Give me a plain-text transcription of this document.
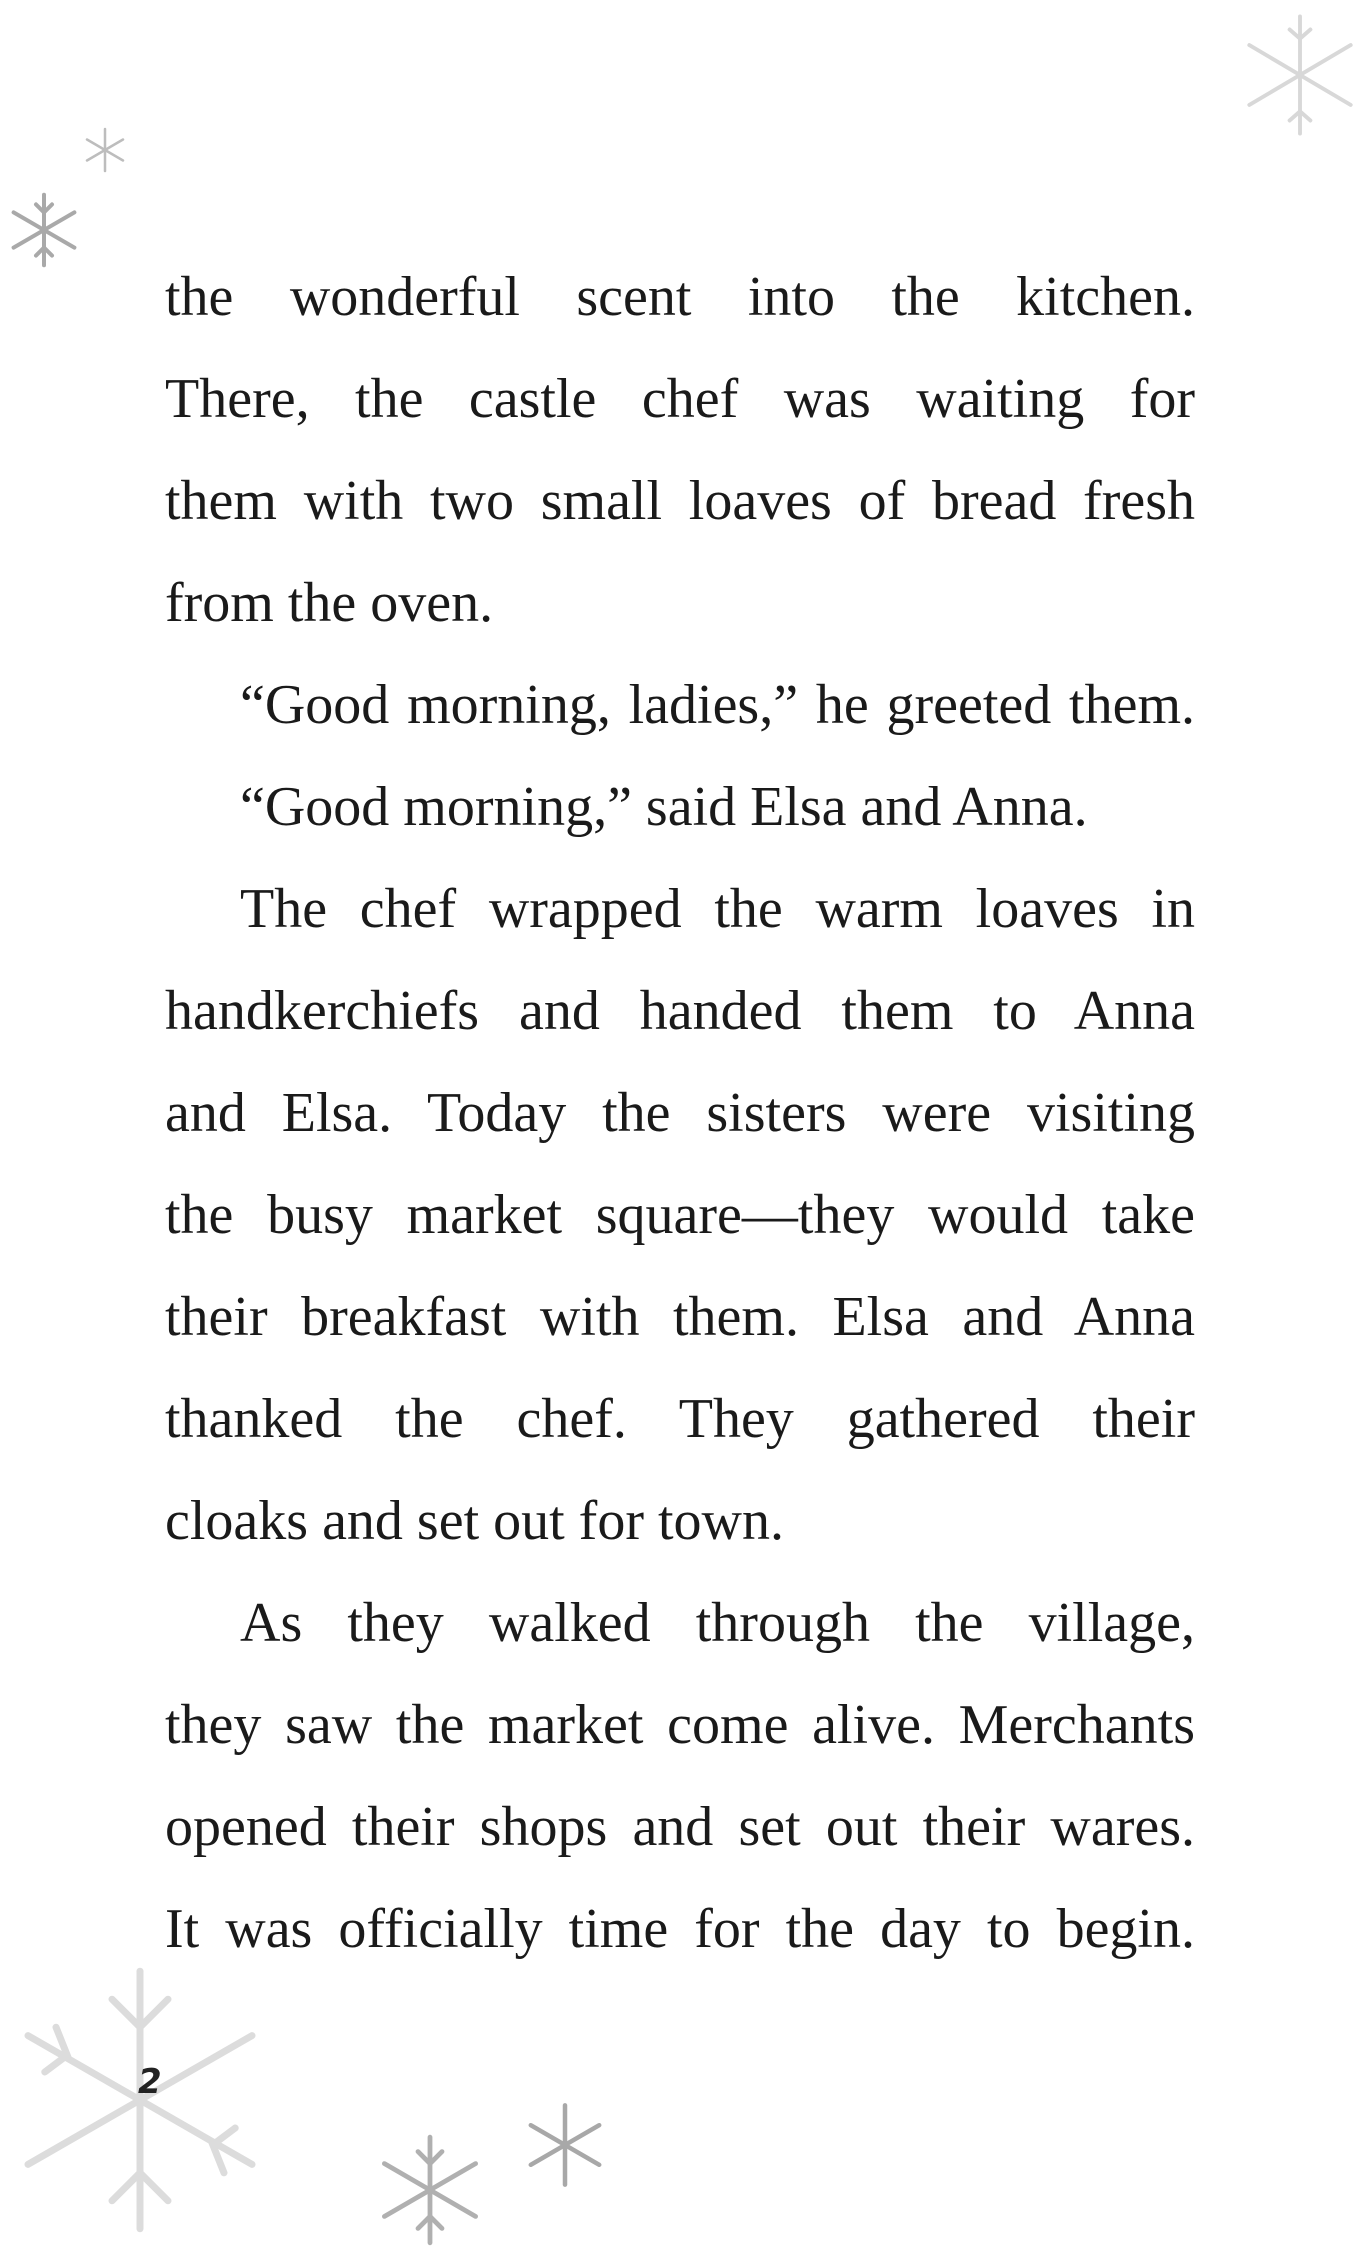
the wonderful scent into the kitchen.
There, the castle chef was waiting for
them with two small loaves of bread fresh
from the oven.
“Good morning, ladies,” he greeted them.
“Good morning,” said Elsa and Anna.
The chef wrapped the warm loaves in
handkerchiefs and handed them to Anna
and Elsa. Today the sisters were visiting
the busy market square—they would take
their breakfast with them. Elsa and Anna
thanked the chef. They gathered their
cloaks and set out for town.
As they walked through the village,
they saw the market come alive. Merchants
opened their shops and set out their wares.
It was officially time for the day to begin.
2
